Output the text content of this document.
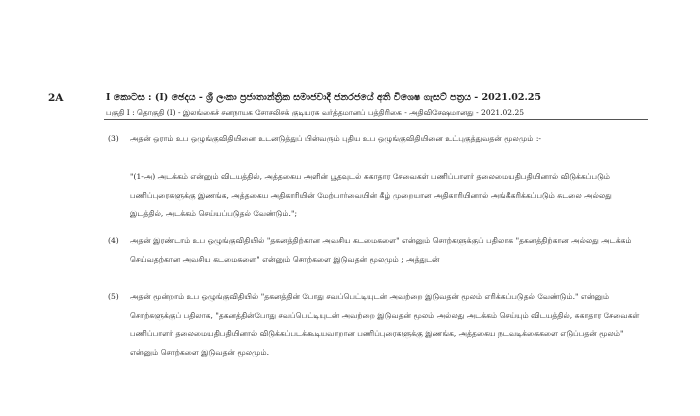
2A	I කොටස : (I) ඡෙදය - ශ්‍රී ලංකා ප්‍රජාතාන්ත්‍රික සමාජවාදී ජනරජයේ අති විශෙෂ ගැසට් පත්‍රය - 2021.02.25
பகுதி I : தொகுதி (I) - இலங்கைச் சனநாயக சோசலிசக் குடியரசு வர்த்தமானப் பத்திரிகை - அதிவிசேஷமானது - 2021.02.25
(3)	அதன் ஒராம் உப ஒழுங்குவிதியினை உடனடுத்துப் பின்வரும் புதிய உப ஒழுங்குவிதியினை உட்புகுத்துவதன் மூலமும் :-
"(1-அ) அடக்கம் என்னும் விடயத்தில், அத்தகைய அளின் பூதவுடல் சுகாதார சேவைகள் பணிப்பாளர் தலைமையதிபதியினால் விடுக்கப்படும் பணிப்புரைகளுக்கு இணங்க, அத்தகைய அதிகாரியின் மேற்பார்வையின் கீழ் முறையான அதிகாரியினால் அங்கீகரிக்கப்படும் சுடலை அல்லது இடத்தில், அடக்கம் செய்யப்படுதல் வேண்டும்.";
(4)	அதன் இரண்டாம் உப ஒழுங்குவிதியில் "தகனத்திற்கான அவசிய கடமைகளை" என்னும் சொற்களுக்குப் பதிலாக "தகனத்திற்கான அல்லது அடக்கம் செய்வதற்கான அவசிய கடமைகளை" என்னும் சொற்களை இடுவதன் மூலமும் ; அத்துடன்
(5)	அதன் மூன்றாம் உப ஒழுங்குவிதியில் "தகனத்தின் போது சவப்பெட்டியுடன் அவற்றை இடுவதன் மூலம் எரிக்கப்படுதல் வேண்டும்." என்னும் சொற்களுக்குப் பதிலாக, "தகனத்தின்போது சவப்பெட்டியுடன் அவற்றை இடுவதன் மூலம் அல்லது அடக்கம் செய்யும் விடயத்தில், சுகாதார சேவைகள் பணிப்பாளர் தலைமையதிபதியினால் விடுக்கப்படக்கூடியவாறான பணிப்புரைகளுக்கு இணங்க, அத்தகைய நடவடிக்கைகளை எடுப்பதன் மூலம்" என்னும் சொற்களை இடுவதன் மூலமும்.
